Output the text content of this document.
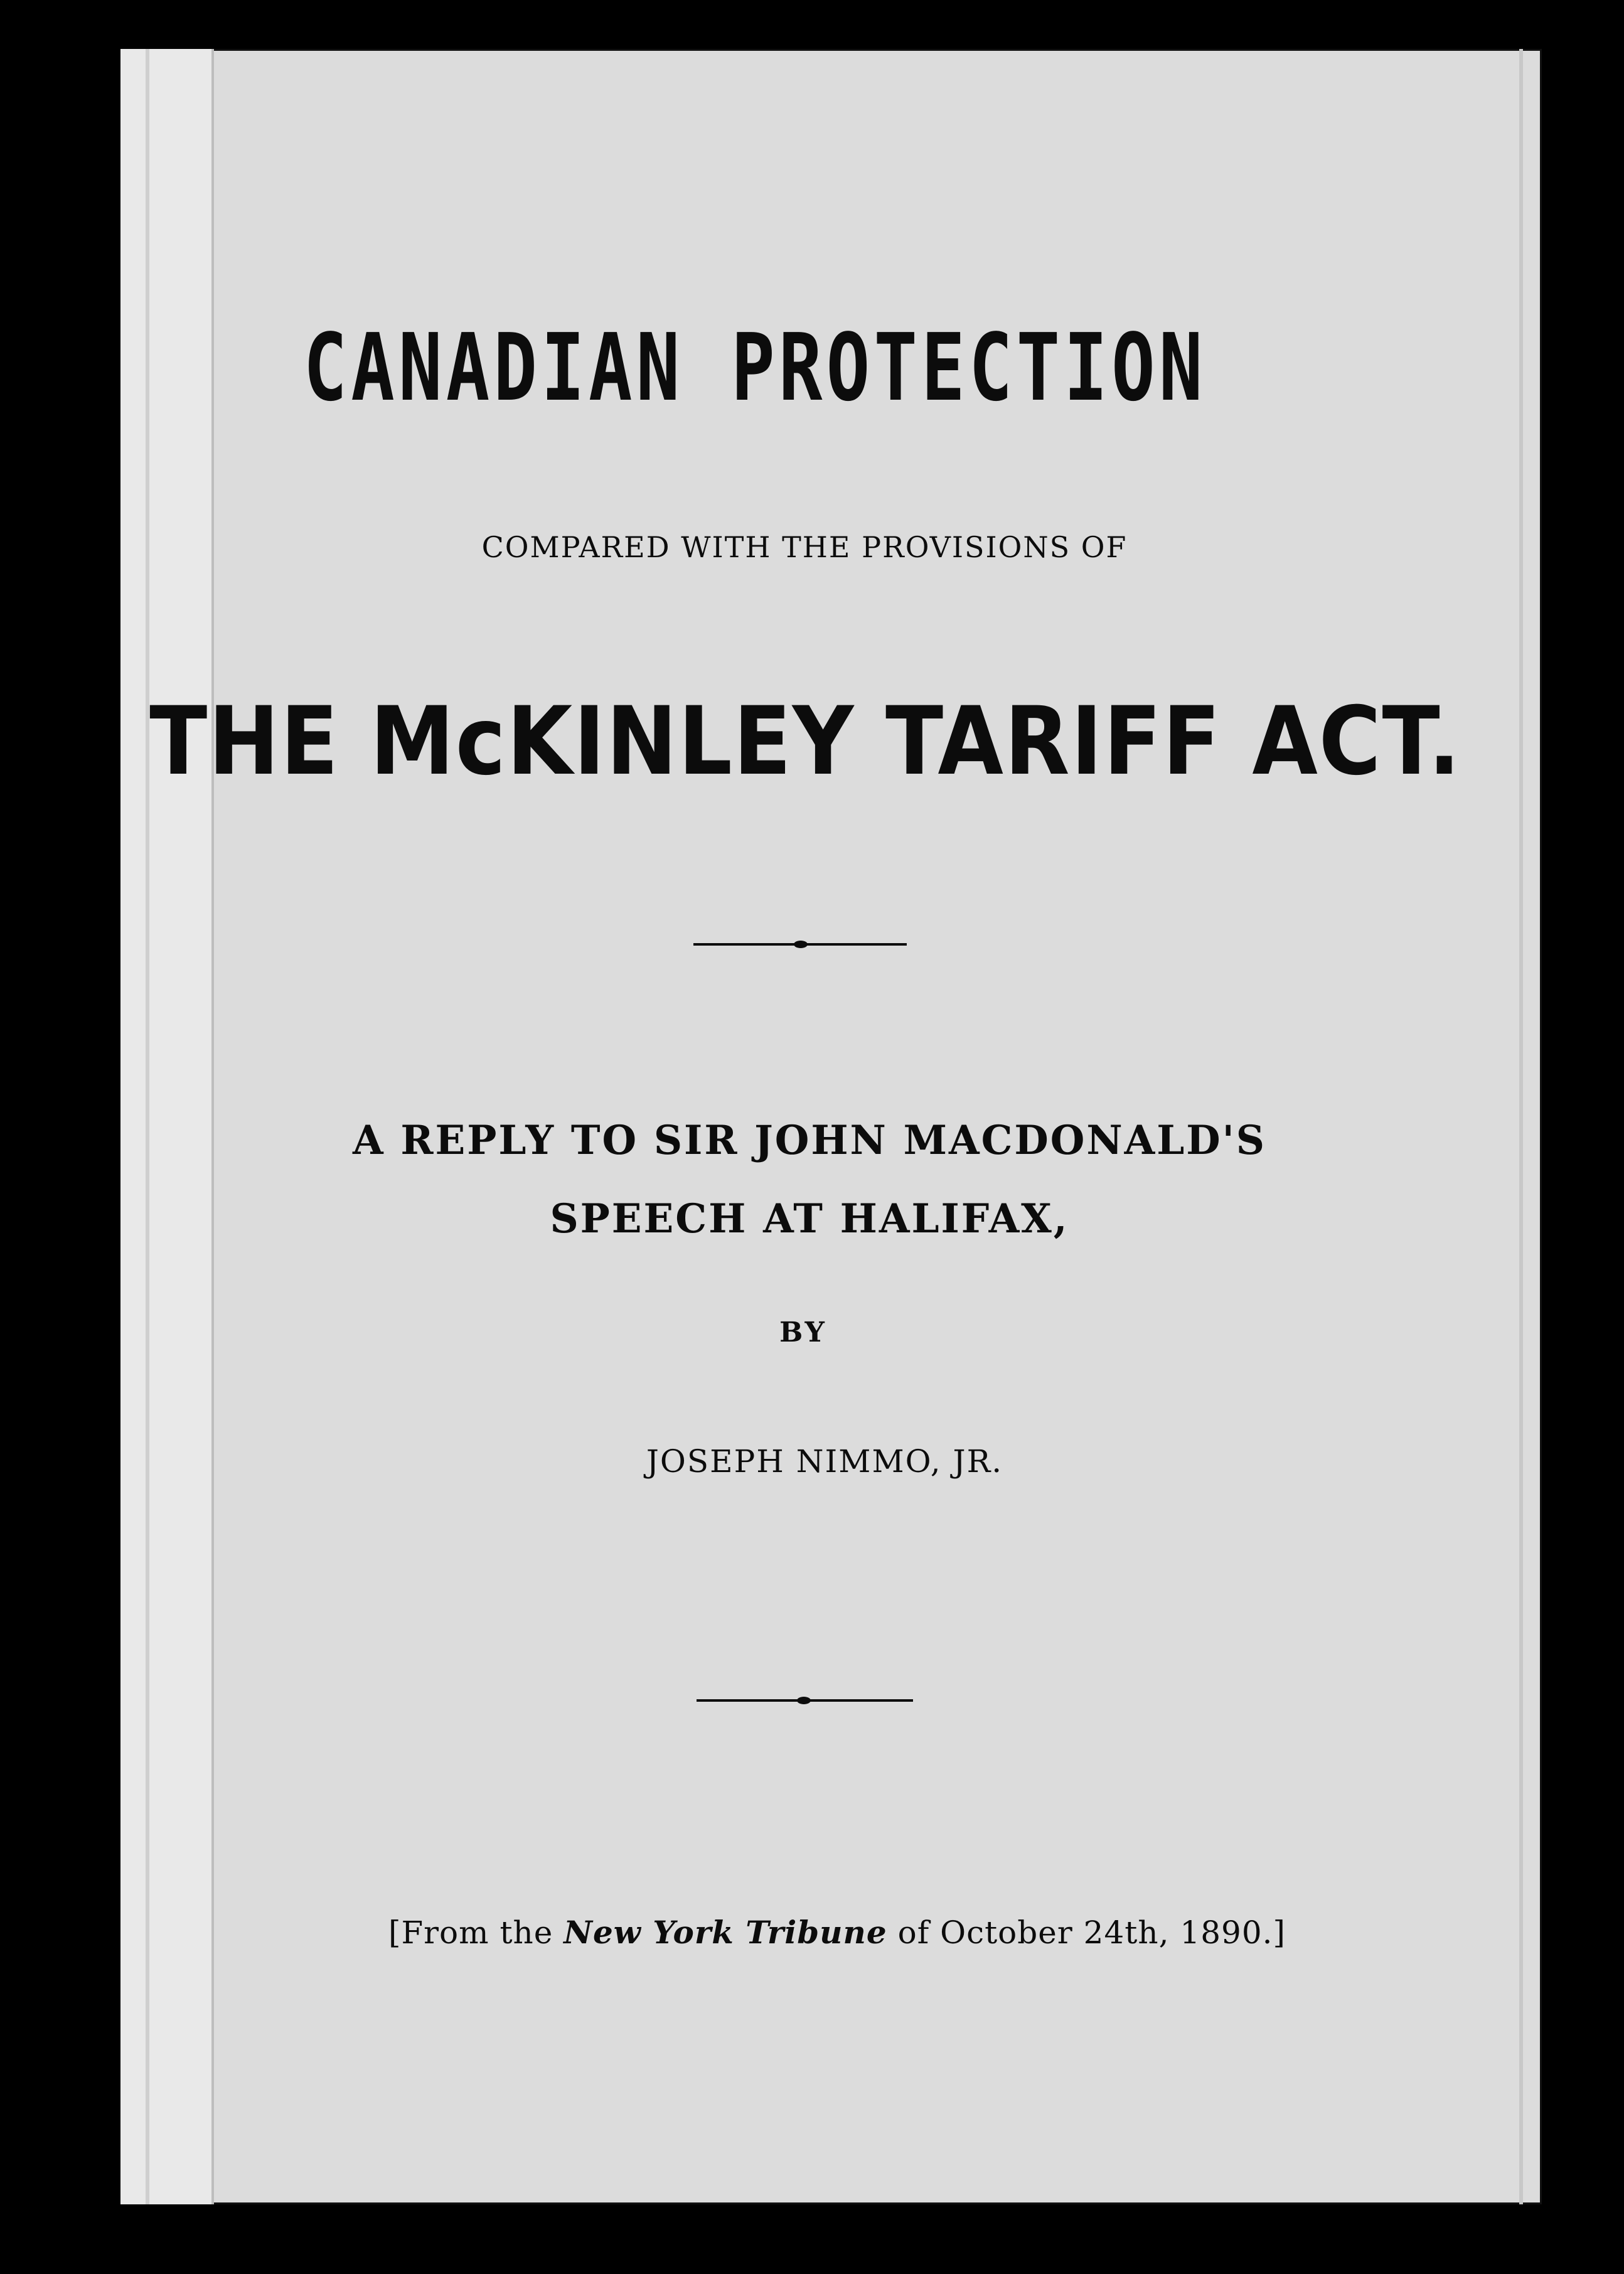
CANADIAN PROTECTION
COMPARED WITH THE PROVISIONS OF
THE McKINLEY TARIFF ACT.
A REPLY TO SIR JOHN MACDONALD'S
SPEECH AT HALIFAX,
BY
JOSEPH NIMMO, JR.
[From the New York Tribune of October 24th, 1890.]
